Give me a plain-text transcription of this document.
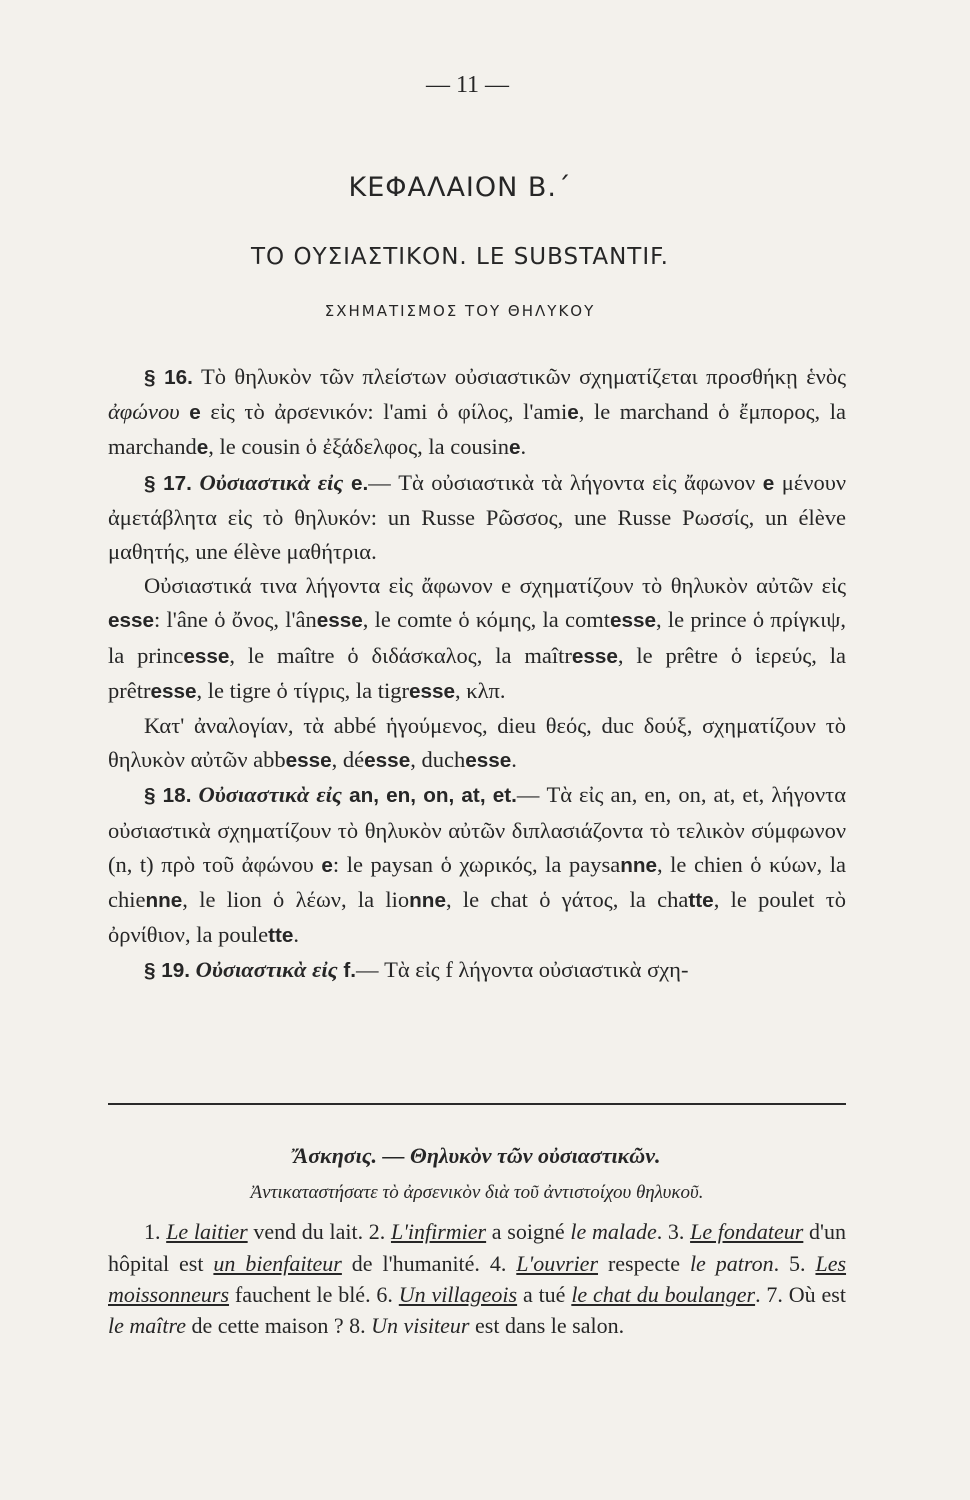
— 11 —
ΚΕΦΑΛΑΙΟΝ Β.΄
ΤΟ ΟΥΣΙΑΣΤΙΚΟΝ. LE SUBSTANTIF.
ΣΧΗΜΑΤΙΣΜΟΣ ΤΟΥ ΘΗΛΥΚΟΥ

§ 16. Τὸ θηλυκὸν τῶν πλείστων οὐσιαστικῶν σχηματίζεται προσθήκῃ ἑνὸς ἀφώνου e εἰς τὸ ἀρσενικόν: l'ami ὁ φίλος, l'amie, le marchand ὁ ἔμπορος, la marchande, le cousin ὁ ἐξάδελφος, la cousine.

§ 17. Οὐσιαστικὰ εἰς e.— Τὰ οὐσιαστικὰ τὰ λήγοντα εἰς ἄφωνον e μένουν ἀμετάβλητα εἰς τὸ θηλυκόν: un Russe Ρῶσσος, une Russe Ρωσσίς, un élève μαθητής, une élève μαθήτρια.

Οὐσιαστικά τινα λήγοντα εἰς ἄφωνον e σχηματίζουν τὸ θηλυκὸν αὐτῶν εἰς esse: l'âne ὁ ὄνος, l'ânesse, le comte ὁ κόμης, la comtesse, le prince ὁ πρίγκιψ, la princesse, le maître ὁ διδάσκαλος, la maîtresse, le prêtre ὁ ἱερεύς, la prêtresse, le tigre ὁ τίγρις, la tigresse, κλπ.

Κατ' ἀναλογίαν, τὰ abbé ἡγούμενος, dieu θεός, duc δούξ, σχηματίζουν τὸ θηλυκὸν αὐτῶν abbesse, déesse, duchesse.

§ 18. Οὐσιαστικὰ εἰς an, en, on, at, et.— Τὰ εἰς an, en, on, at, et, λήγοντα οὐσιαστικὰ σχηματίζουν τὸ θηλυκὸν αὐτῶν διπλασιάζοντα τὸ τελικὸν σύμφωνον (n, t) πρὸ τοῦ ἀφώνου e: le paysan ὁ χωρικός, la paysanne, le chien ὁ κύων, la chienne, le lion ὁ λέων, la lionne, le chat ὁ γάτος, la chatte, le poulet τὸ ὀρνίθιον, la poulette.

§ 19. Οὐσιαστικὰ εἰς f.— Τὰ εἰς f λήγοντα οὐσιαστικὰ σχη-

Ἄσκησις. — Θηλυκὸν τῶν οὐσιαστικῶν.

Ἀντικαταστήσατε τὸ ἀρσενικὸν διὰ τοῦ ἀντιστοίχου θηλυκοῦ.

1. Le laitier vend du lait. 2. L'infirmier a soigné le malade. 3. Le fondateur d'un hôpital est un bienfaiteur de l'humanité. 4. L'ouvrier respecte le patron. 5. Les moissonneurs fauchent le blé. 6. Un villageois a tué le chat du boulanger. 7. Où est le maître de cette maison ? 8. Un visiteur est dans le salon.
